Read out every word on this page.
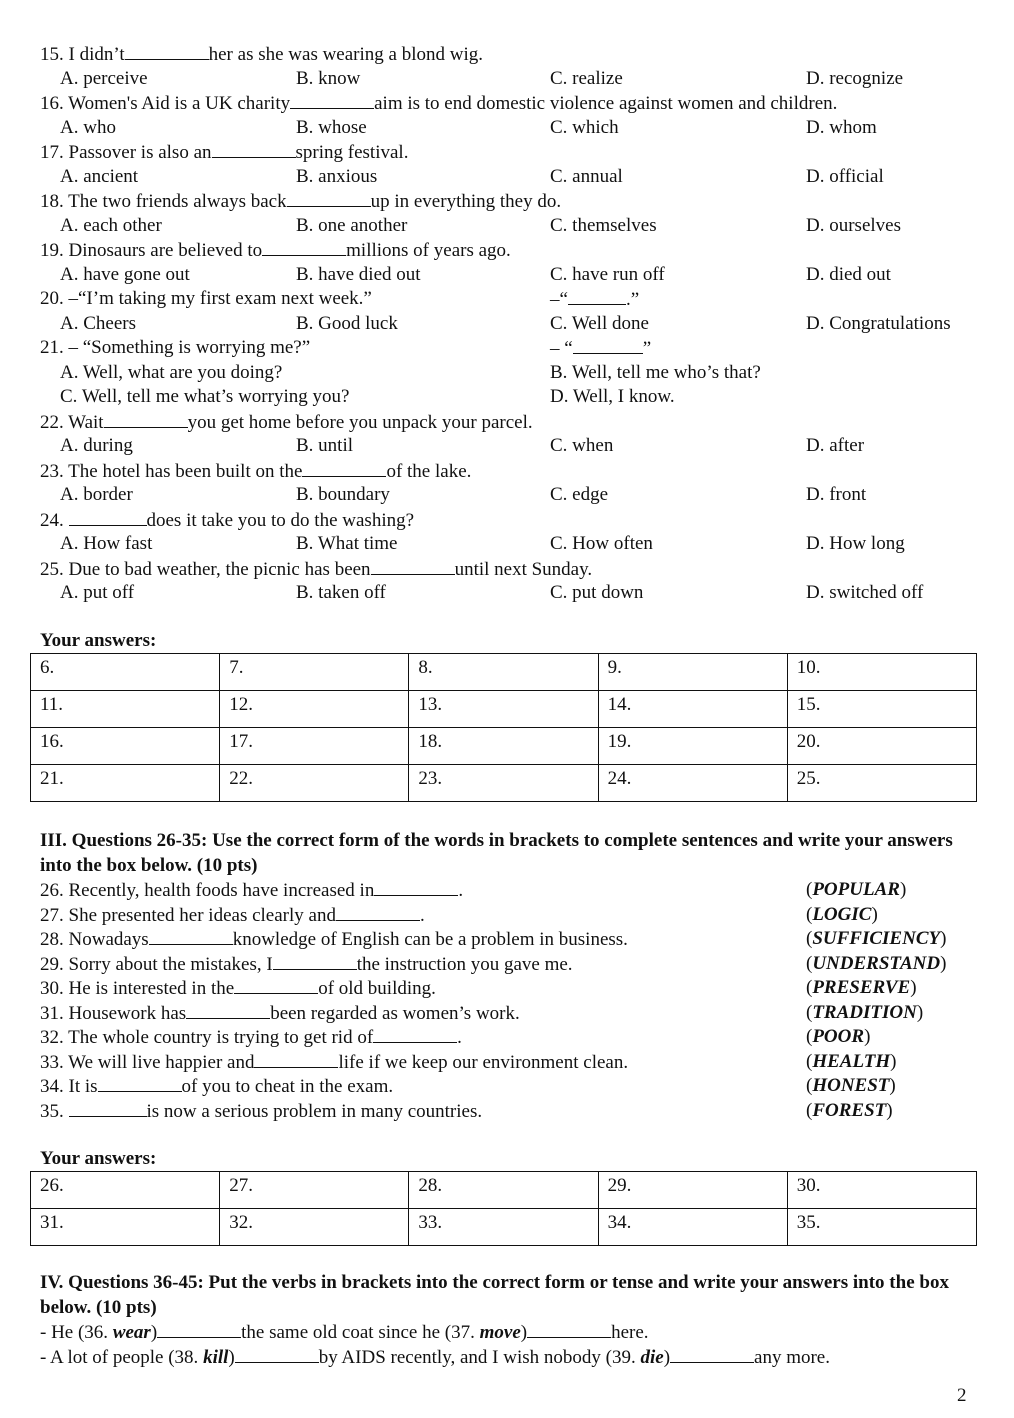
15. I didn’t	her as she was wearing a blond wig.
A. perceive	B. know	C. realize	D. recognize
16. Women's Aid is a UK charity	aim is to end domestic violence against women and children.
A. who	B. whose	C. which	D. whom
17. Passover is also an	spring festival.
A. ancient	B. anxious	C. annual	D. official
18. The two friends always back	up in everything they do.
A. each other	B. one another	C. themselves	D. ourselves
19. Dinosaurs are believed to	millions of years ago.
A. have gone out	B. have died out	C. have run off	D. died out
20. –“I’m taking my first exam next week.”	–“	.”
A. Cheers	B. Good luck	C. Well done	D. Congratulations
21. – “Something is worrying me?”	– “	”
A. Well, what are you doing?	B. Well, tell me who’s that?
C. Well, tell me what’s worrying you?	D. Well, I know.
22. Wait	you get home before you unpack your parcel.
A. during	B. until	C. when	D. after
23. The hotel has been built on the	of the lake.
A. border	B. boundary	C. edge	D. front
24.	does it take you to do the washing?
A. How fast	B. What time	C. How often	D. How long
25. Due to bad weather, the picnic has been	until next Sunday.
A. put off	B. taken off	C. put down	D. switched off
Your answers:
6.	7.	8.	9.	10.
11.	12.	13.	14.	15.
16.	17.	18.	19.	20.
21.	22.	23.	24.	25.
III. Questions 26-35: Use the correct form of the words in brackets to complete sentences and write your answers into the box below. (10 pts)
26. Recently, health foods have increased in	.	(POPULAR)
27. She presented her ideas clearly and	.	(LOGIC)
28. Nowadays	knowledge of English can be a problem in business.	(SUFFICIENCY)
29. Sorry about the mistakes, I	the instruction you gave me.	(UNDERSTAND)
30. He is interested in the	of old building.	(PRESERVE)
31. Housework has	been regarded as women’s work.	(TRADITION)
32. The whole country is trying to get rid of	.	(POOR)
33. We will live happier and	life if we keep our environment clean.	(HEALTH)
34. It is	of you to cheat in the exam.	(HONEST)
35.	is now a serious problem in many countries.	(FOREST)
Your answers:
26.	27.	28.	29.	30.
31.	32.	33.	34.	35.
IV. Questions 36-45: Put the verbs in brackets into the correct form or tense and write your answers into the box below. (10 pts)
- He (36. wear)	the same old coat since he (37. move)	here.
- A lot of people (38. kill)	by AIDS recently, and I wish nobody (39. die)	any more.
2
